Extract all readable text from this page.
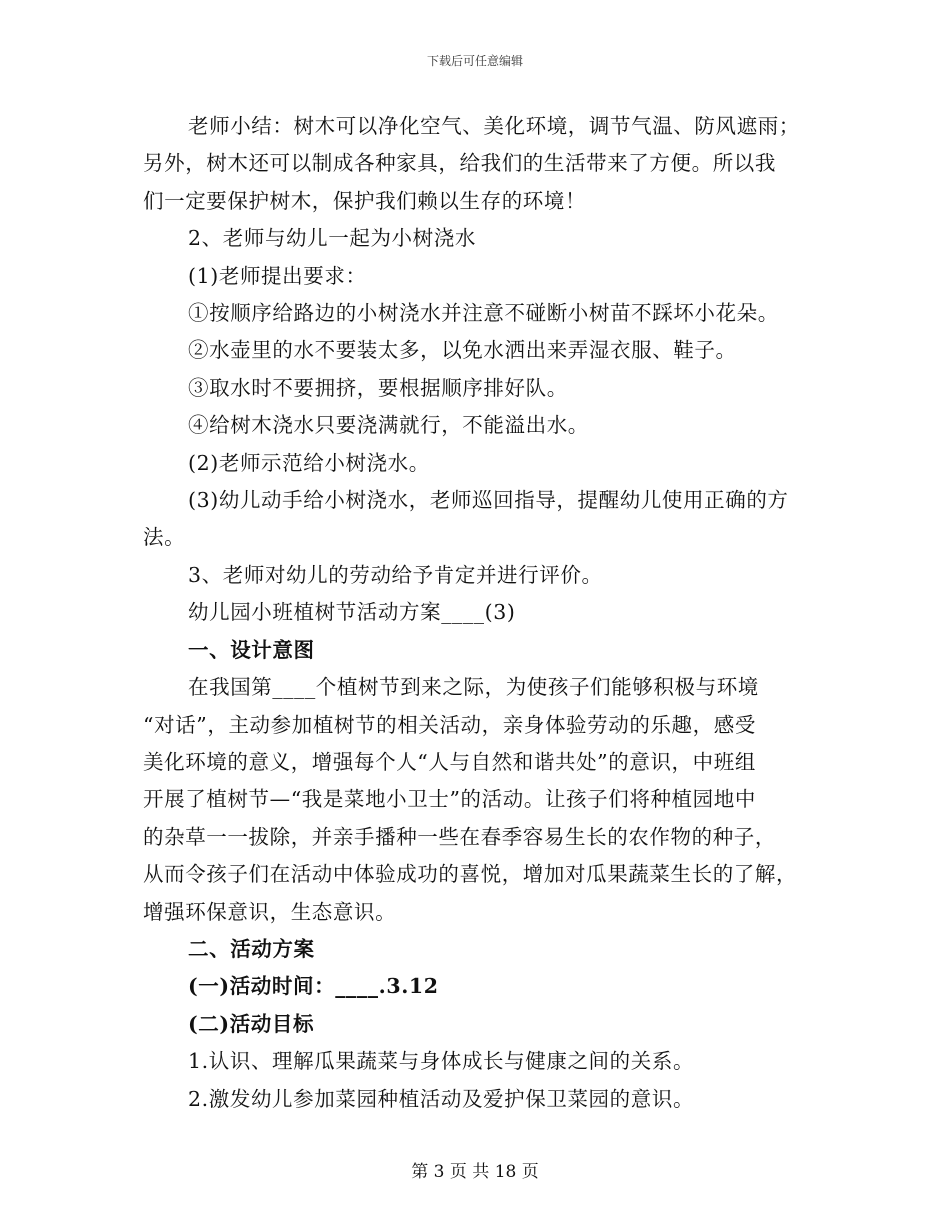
下载后可任意编辑

老师小结：树木可以净化空气、美化环境，调节气温、防风遮雨；

另外，树木还可以制成各种家具，给我们的生活带来了方便。所以我

们一定要保护树木，保护我们赖以生存的环境！

2、老师与幼儿一起为小树浇水

(1)老师提出要求：

①按顺序给路边的小树浇水并注意不碰断小树苗不踩坏小花朵。

②水壶里的水不要装太多，以免水洒出来弄湿衣服、鞋子。

③取水时不要拥挤，要根据顺序排好队。

④给树木浇水只要浇满就行，不能溢出水。

(2)老师示范给小树浇水。

(3)幼儿动手给小树浇水，老师巡回指导，提醒幼儿使用正确的方

法。

3、老师对幼儿的劳动给予肯定并进行评价。

幼儿园小班植树节活动方案____(3)

一、设计意图

在我国第____个植树节到来之际，为使孩子们能够积极与环境

“对话”，主动参加植树节的相关活动，亲身体验劳动的乐趣，感受

美化环境的意义，增强每个人“人与自然和谐共处”的意识，中班组

开展了植树节—“我是菜地小卫士”的活动。让孩子们将种植园地中

的杂草一一拔除，并亲手播种一些在春季容易生长的农作物的种子，

从而令孩子们在活动中体验成功的喜悦，增加对瓜果蔬菜生长的了解，

增强环保意识，生态意识。

二、活动方案

(一)活动时间：____.3.12

(二)活动目标

1.认识、理解瓜果蔬菜与身体成长与健康之间的关系。

2.激发幼儿参加菜园种植活动及爱护保卫菜园的意识。

第 3 页 共 18 页
